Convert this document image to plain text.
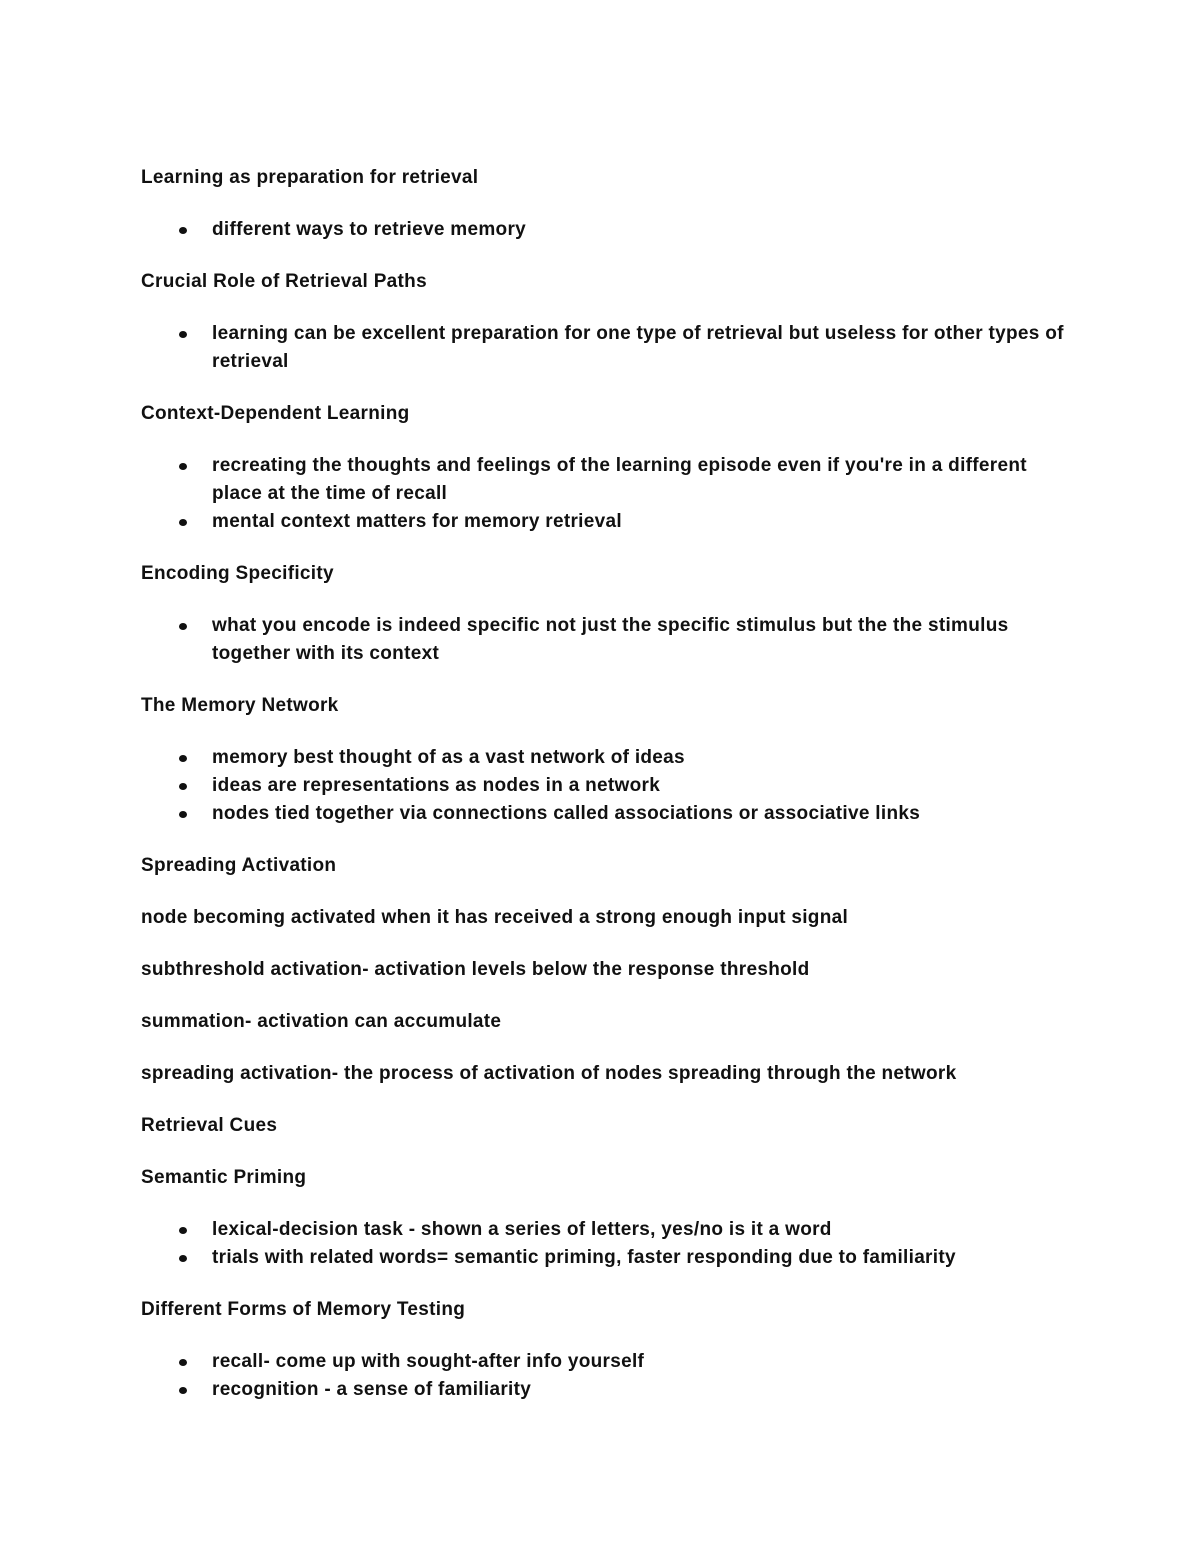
Learning as preparation for retrieval

different ways to retrieve memory

Crucial Role of Retrieval Paths

learning can be excellent preparation for one type of retrieval but useless for other types of retrieval

Context-Dependent Learning

recreating the thoughts and feelings of the learning episode even if you're in a different place at the time of recall
mental context matters for memory retrieval

Encoding Specificity

what you encode is indeed specific not just the specific stimulus but the the stimulus together with its context

The Memory Network

memory best thought of as a vast network of ideas
ideas are representations as nodes in a network
nodes tied together via connections called associations or associative links

Spreading Activation

node becoming activated when it has received a strong enough input signal

subthreshold activation- activation levels below the response threshold

summation- activation can accumulate

spreading activation- the process of activation of nodes spreading through the network

Retrieval Cues

Semantic Priming

lexical-decision task - shown a series of letters, yes/no is it a word
trials with related words= semantic priming, faster responding due to familiarity

Different Forms of Memory Testing

recall- come up with sought-after info yourself
recognition - a sense of familiarity
